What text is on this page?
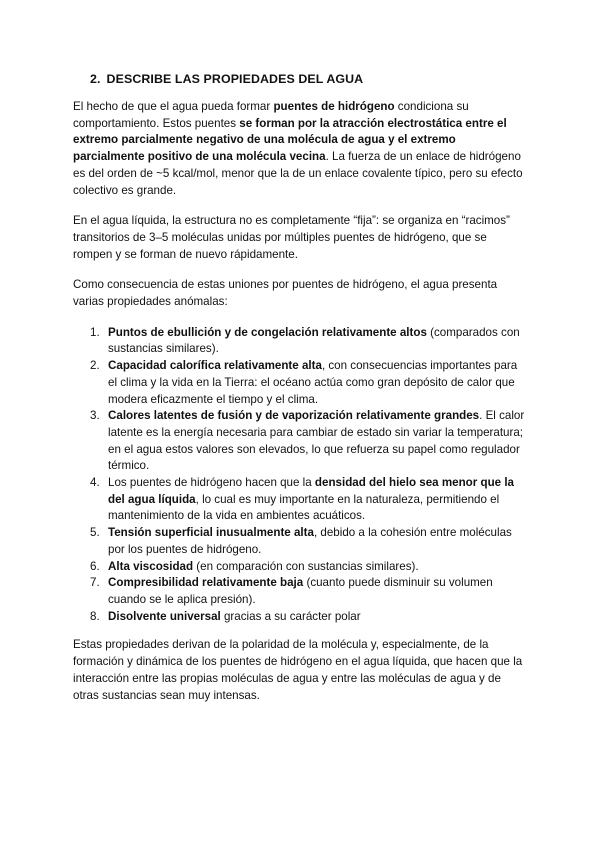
2. DESCRIBE LAS PROPIEDADES DEL AGUA

El hecho de que el agua pueda formar puentes de hidrógeno condiciona su comportamiento. Estos puentes se forman por la atracción electrostática entre el extremo parcialmente negativo de una molécula de agua y el extremo parcialmente positivo de una molécula vecina. La fuerza de un enlace de hidrógeno es del orden de ~5 kcal/mol, menor que la de un enlace covalente típico, pero su efecto colectivo es grande.

En el agua líquida, la estructura no es completamente “fija”: se organiza en “racimos” transitorios de 3–5 moléculas unidas por múltiples puentes de hidrógeno, que se rompen y se forman de nuevo rápidamente.

Como consecuencia de estas uniones por puentes de hidrógeno, el agua presenta varias propiedades anómalas:

1. Puntos de ebullición y de congelación relativamente altos (comparados con sustancias similares).
2. Capacidad calorífica relativamente alta, con consecuencias importantes para el clima y la vida en la Tierra: el océano actúa como gran depósito de calor que modera eficazmente el tiempo y el clima.
3. Calores latentes de fusión y de vaporización relativamente grandes. El calor latente es la energía necesaria para cambiar de estado sin variar la temperatura; en el agua estos valores son elevados, lo que refuerza su papel como regulador térmico.
4. Los puentes de hidrógeno hacen que la densidad del hielo sea menor que la del agua líquida, lo cual es muy importante en la naturaleza, permitiendo el mantenimiento de la vida en ambientes acuáticos.
5. Tensión superficial inusualmente alta, debido a la cohesión entre moléculas por los puentes de hidrógeno.
6. Alta viscosidad (en comparación con sustancias similares).
7. Compresibilidad relativamente baja (cuanto puede disminuir su volumen cuando se le aplica presión).
8. Disolvente universal gracias a su carácter polar

Estas propiedades derivan de la polaridad de la molécula y, especialmente, de la formación y dinámica de los puentes de hidrógeno en el agua líquida, que hacen que la interacción entre las propias moléculas de agua y entre las moléculas de agua y de otras sustancias sean muy intensas.
